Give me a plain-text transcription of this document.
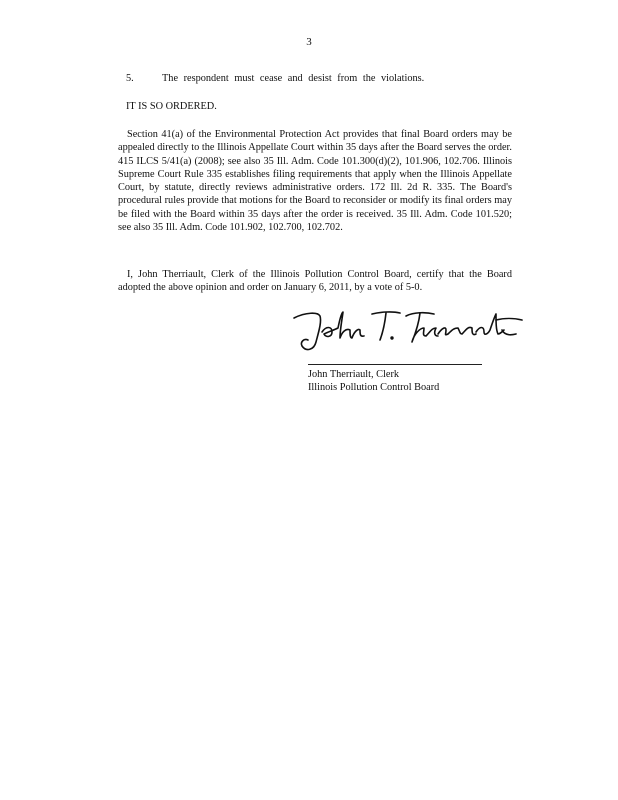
3
5.	The respondent must cease and desist from the violations.
IT IS SO ORDERED.
Section 41(a) of the Environmental Protection Act provides that final Board orders may be appealed directly to the Illinois Appellate Court within 35 days after the Board serves the order. 415 ILCS 5/41(a) (2008); see also 35 Ill. Adm. Code 101.300(d)(2), 101.906, 102.706. Illinois Supreme Court Rule 335 establishes filing requirements that apply when the Illinois Appellate Court, by statute, directly reviews administrative orders. 172 Ill. 2d R. 335. The Board's procedural rules provide that motions for the Board to reconsider or modify its final orders may be filed with the Board within 35 days after the order is received. 35 Ill. Adm. Code 101.520; see also 35 Ill. Adm. Code 101.902, 102.700, 102.702.
I, John Therriault, Clerk of the Illinois Pollution Control Board, certify that the Board adopted the above opinion and order on January 6, 2011, by a vote of 5-0.
John Therriault, Clerk
Illinois Pollution Control Board
